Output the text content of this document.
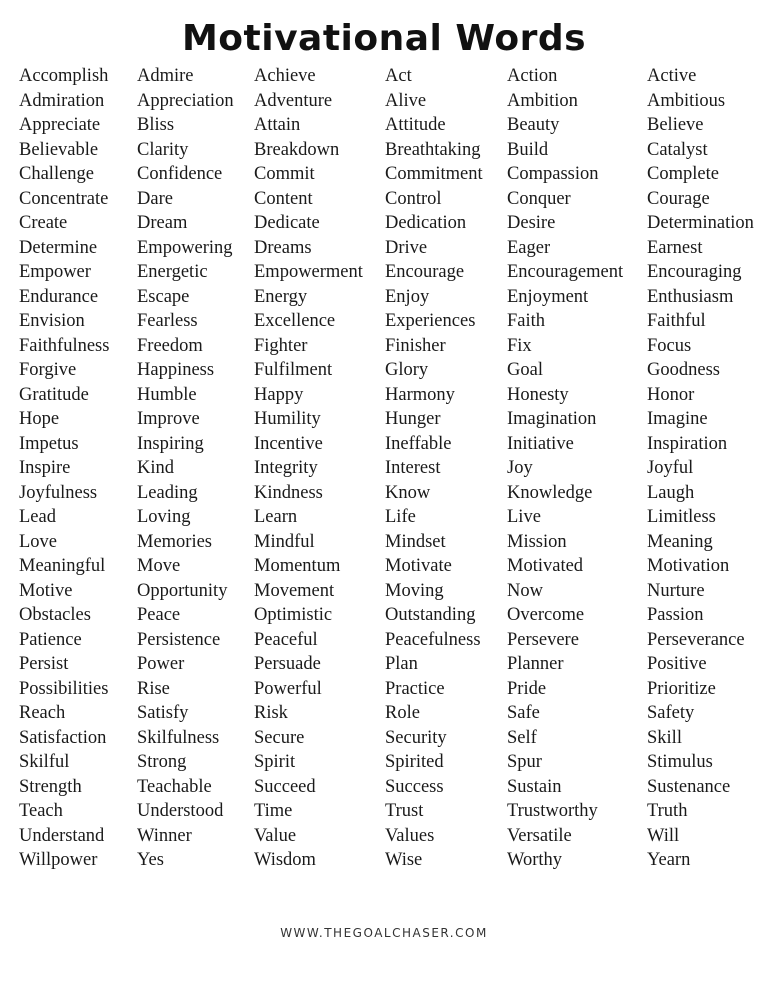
Motivational Words
Accomplish
Admiration
Appreciate
Believable
Challenge
Concentrate
Create
Determine
Empower
Endurance
Envision
Faithfulness
Forgive
Gratitude
Hope
Impetus
Inspire
Joyfulness
Lead
Love
Meaningful
Motive
Obstacles
Patience
Persist
Possibilities
Reach
Satisfaction
Skilful
Strength
Teach
Understand
Willpower
Admire
Appreciation
Bliss
Clarity
Confidence
Dare
Dream
Empowering
Energetic
Escape
Fearless
Freedom
Happiness
Humble
Improve
Inspiring
Kind
Leading
Loving
Memories
Move
Opportunity
Peace
Persistence
Power
Rise
Satisfy
Skilfulness
Strong
Teachable
Understood
Winner
Yes
Achieve
Adventure
Attain
Breakdown
Commit
Content
Dedicate
Dreams
Empowerment
Energy
Excellence
Fighter
Fulfilment
Happy
Humility
Incentive
Integrity
Kindness
Learn
Mindful
Momentum
Movement
Optimistic
Peaceful
Persuade
Powerful
Risk
Secure
Spirit
Succeed
Time
Value
Wisdom
Act
Alive
Attitude
Breathtaking
Commitment
Control
Dedication
Drive
Encourage
Enjoy
Experiences
Finisher
Glory
Harmony
Hunger
Ineffable
Interest
Know
Life
Mindset
Motivate
Moving
Outstanding
Peacefulness
Plan
Practice
Role
Security
Spirited
Success
Trust
Values
Wise
Action
Ambition
Beauty
Build
Compassion
Conquer
Desire
Eager
Encouragement
Enjoyment
Faith
Fix
Goal
Honesty
Imagination
Initiative
Joy
Knowledge
Live
Mission
Motivated
Now
Overcome
Persevere
Planner
Pride
Safe
Self
Spur
Sustain
Trustworthy
Versatile
Worthy
Active
Ambitious
Believe
Catalyst
Complete
Courage
Determination
Earnest
Encouraging
Enthusiasm
Faithful
Focus
Goodness
Honor
Imagine
Inspiration
Joyful
Laugh
Limitless
Meaning
Motivation
Nurture
Passion
Perseverance
Positive
Prioritize
Safety
Skill
Stimulus
Sustenance
Truth
Will
Yearn
WWW.THEGOALCHASER.COM
